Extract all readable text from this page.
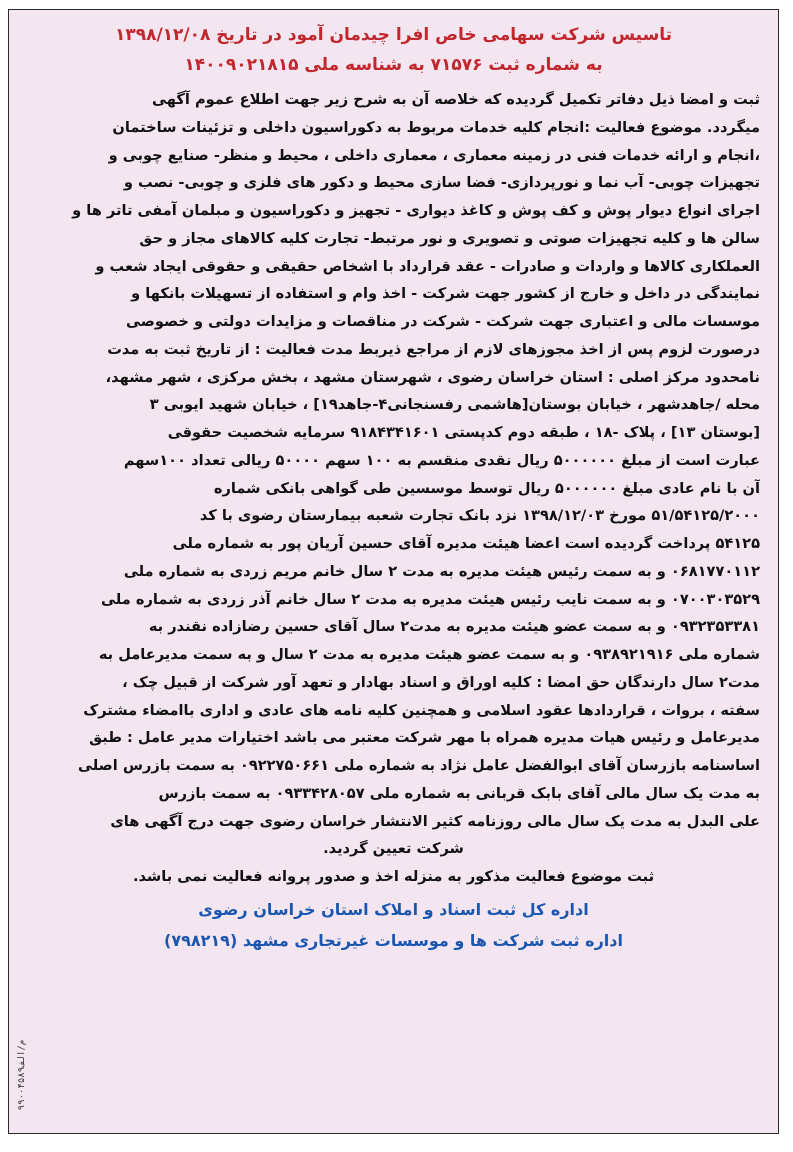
تاسیس شرکت سهامی خاص افرا چیدمان آمود در تاریخ ۱۳۹۸/۱۲/۰۸
به شماره ثبت ۷۱۵۷۶ به شناسه ملی ۱۴۰۰۹۰۲۱۸۱۵
ثبت و امضا ذیل دفاتر تکمیل گردیده که خلاصه آن به شرح زیر جهت اطلاع عموم آگهی
میگردد. موضوع فعالیت :انجام کلیه خدمات مربوط به دکوراسیون داخلی و تزئینات ساختمان
،انجام و ارائه خدمات فنی در زمینه معماری ، معماری داخلی ، محیط و منظر- صنایع چوبی و
تجهیزات چوبی- آب نما و نورپردازی- فضا سازی محیط و دکور های فلزی و چوبی- نصب و
اجرای انواع دیوار پوش و کف پوش و کاغذ دیواری - تجهیز و دکوراسیون و مبلمان آمفی تاتر ها و
سالن ها و کلیه تجهیزات صوتی و تصویری و نور مرتبط- تجارت کلیه کالاهای مجاز و حق
العملکاری کالاها و واردات و صادرات - عقد قرارداد با اشخاص حقیقی و حقوقی ایجاد شعب و
نمایندگی در داخل و خارج از کشور جهت شرکت - اخذ وام و استفاده از تسهیلات بانکها و
موسسات مالی و اعتباری جهت شرکت - شرکت در مناقصات و مزایدات دولتی و خصوصی
درصورت لزوم پس از اخذ مجوزهای لازم از مراجع ذیربط مدت فعالیت : از تاریخ ثبت به مدت
نامحدود مرکز اصلی : استان خراسان رضوی ، شهرستان مشهد ، بخش مرکزی ، شهر مشهد،
محله /جاهدشهر ، خیابان بوستان[هاشمی رفسنجانی۴-جاهد۱۹] ، خیابان شهید ایوبی ۳
[بوستان ۱۳] ، پلاک -۱۸ ، طبقه دوم کدپستی ۹۱۸۴۳۴۱۶۰۱ سرمایه شخصیت حقوقی
عبارت است از مبلغ ۵۰۰۰۰۰۰ ریال نقدی منقسم به ۱۰۰ سهم ۵۰۰۰۰ ریالی تعداد ۱۰۰سهم
آن با نام عادی مبلغ ۵۰۰۰۰۰۰ ریال توسط موسسین طی گواهی بانکی شماره
۵۱/۵۴۱۲۵/۲۰۰۰ مورخ ۱۳۹۸/۱۲/۰۳ نزد بانک تجارت شعبه بیمارستان رضوی با کد
۵۴۱۲۵ پرداخت گردیده است اعضا هیئت مدیره آقای حسین آریان پور به شماره ملی
۰۶۸۱۷۷۰۱۱۲ و به سمت رئیس هیئت مدیره به مدت ۲ سال خانم مریم زردی به شماره ملی
۰۷۰۰۳۰۳۵۲۹ و به سمت نایب رئیس هیئت مدیره به مدت ۲ سال خانم آذر زردی به شماره ملی
۰۹۳۲۳۵۳۳۸۱ و به سمت عضو هیئت مدیره به مدت۲ سال آقای حسین رضازاده نقندر به
شماره ملی ۰۹۳۸۹۲۱۹۱۶ و به سمت عضو هیئت مدیره به مدت ۲ سال و به سمت مدیرعامل به
مدت۲ سال دارندگان حق امضا : کلیه اوراق و اسناد بهادار و تعهد آور شرکت از قبیل چک ،
سفته ، بروات ، قراردادها عقود اسلامی و همچنین کلیه نامه های عادی و اداری باامضاء مشترک
مدیرعامل و رئیس هیات مدیره همراه با مهر شرکت معتبر می باشد اختیارات مدیر عامل : طبق
اساسنامه بازرسان آقای ابوالفضل عامل نژاد به شماره ملی ۰۹۲۲۷۵۰۶۶۱ به سمت بازرس اصلی
به مدت یک سال مالی آقای بابک قربانی به شماره ملی ۰۹۳۳۴۲۸۰۵۷ به سمت بازرس
علی البدل به مدت یک سال مالی روزنامه کثیر الانتشار خراسان رضوی جهت درج آگهی های
شرکت تعیین گردید.
ثبت موضوع فعالیت مذکور به منزله اخذ و صدور پروانه فعالیت نمی باشد.
اداره کل ثبت اسناد و املاک استان خراسان رضوی
اداره ثبت شرکت ها و موسسات غیرتجاری مشهد (۷۹۸۲۱۹)
۹۹۰۰۴۵۸۹م/الف
